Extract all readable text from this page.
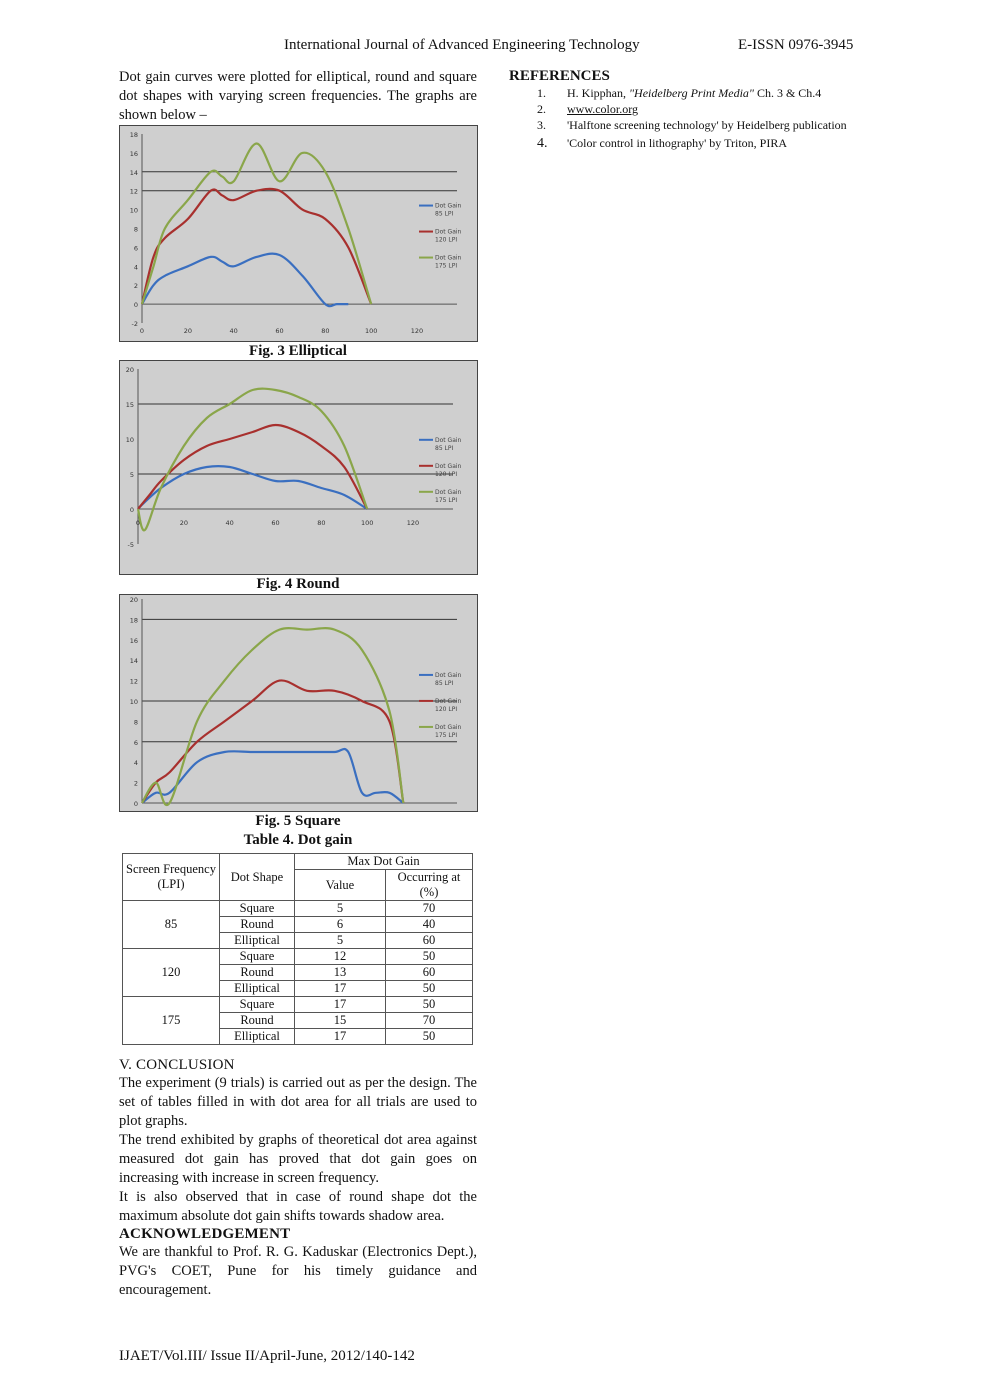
International Journal of Advanced Engineering Technology	E-ISSN 0976-3945
Dot gain curves were plotted for elliptical, round and square dot shapes with varying screen frequencies. The graphs are shown below –
-2
0
2
4
6
8
10
12
14
16
18
0	20	40	60	80	100	120
Dot Gain
85 LPI
Dot Gain
120 LPI
Dot Gain
175 LPI
Fig. 3 Elliptical
-5
0
5
10
15
20
0	20	40	60	80	100	120
Dot Gain
85 LPI
Dot Gain
120 LPI
Dot Gain
175 LPI
Fig. 4 Round
0
2
4
6
8
10
12
14
16
18
20
Dot Gain
85 LPI
Dot Gain
120 LPI
Dot Gain
175 LPI
Fig. 5 Square
Table 4. Dot gain
Screen Frequency (LPI)	Dot Shape	Max Dot Gain	
		Value	Occurring at (%)
85	Square	5	70
	Round	6	40
	Elliptical	5	60
120	Square	12	50
	Round	13	60
	Elliptical	17	50
175	Square	17	50
	Round	15	70
	Elliptical	17	50
V. CONCLUSION
The experiment (9 trials) is carried out as per the design. The set of tables filled in with dot area for all trials are used to plot graphs.
The trend exhibited by graphs of theoretical dot area against measured dot gain has proved that dot gain goes on increasing with increase in screen frequency.
It is also observed that in case of round shape dot the maximum absolute dot gain shifts towards shadow area.
ACKNOWLEDGEMENT
We are thankful to Prof. R. G. Kaduskar (Electronics Dept.), PVG's COET, Pune for his timely guidance and encouragement.
REFERENCES
1.	H. Kipphan, "Heidelberg Print Media" Ch. 3 & Ch.4
2.	www.color.org
3.	'Halftone screening technology' by Heidelberg publication
4.	'Color control in lithography' by Triton, PIRA
IJAET/Vol.III/ Issue II/April-June, 2012/140-142
